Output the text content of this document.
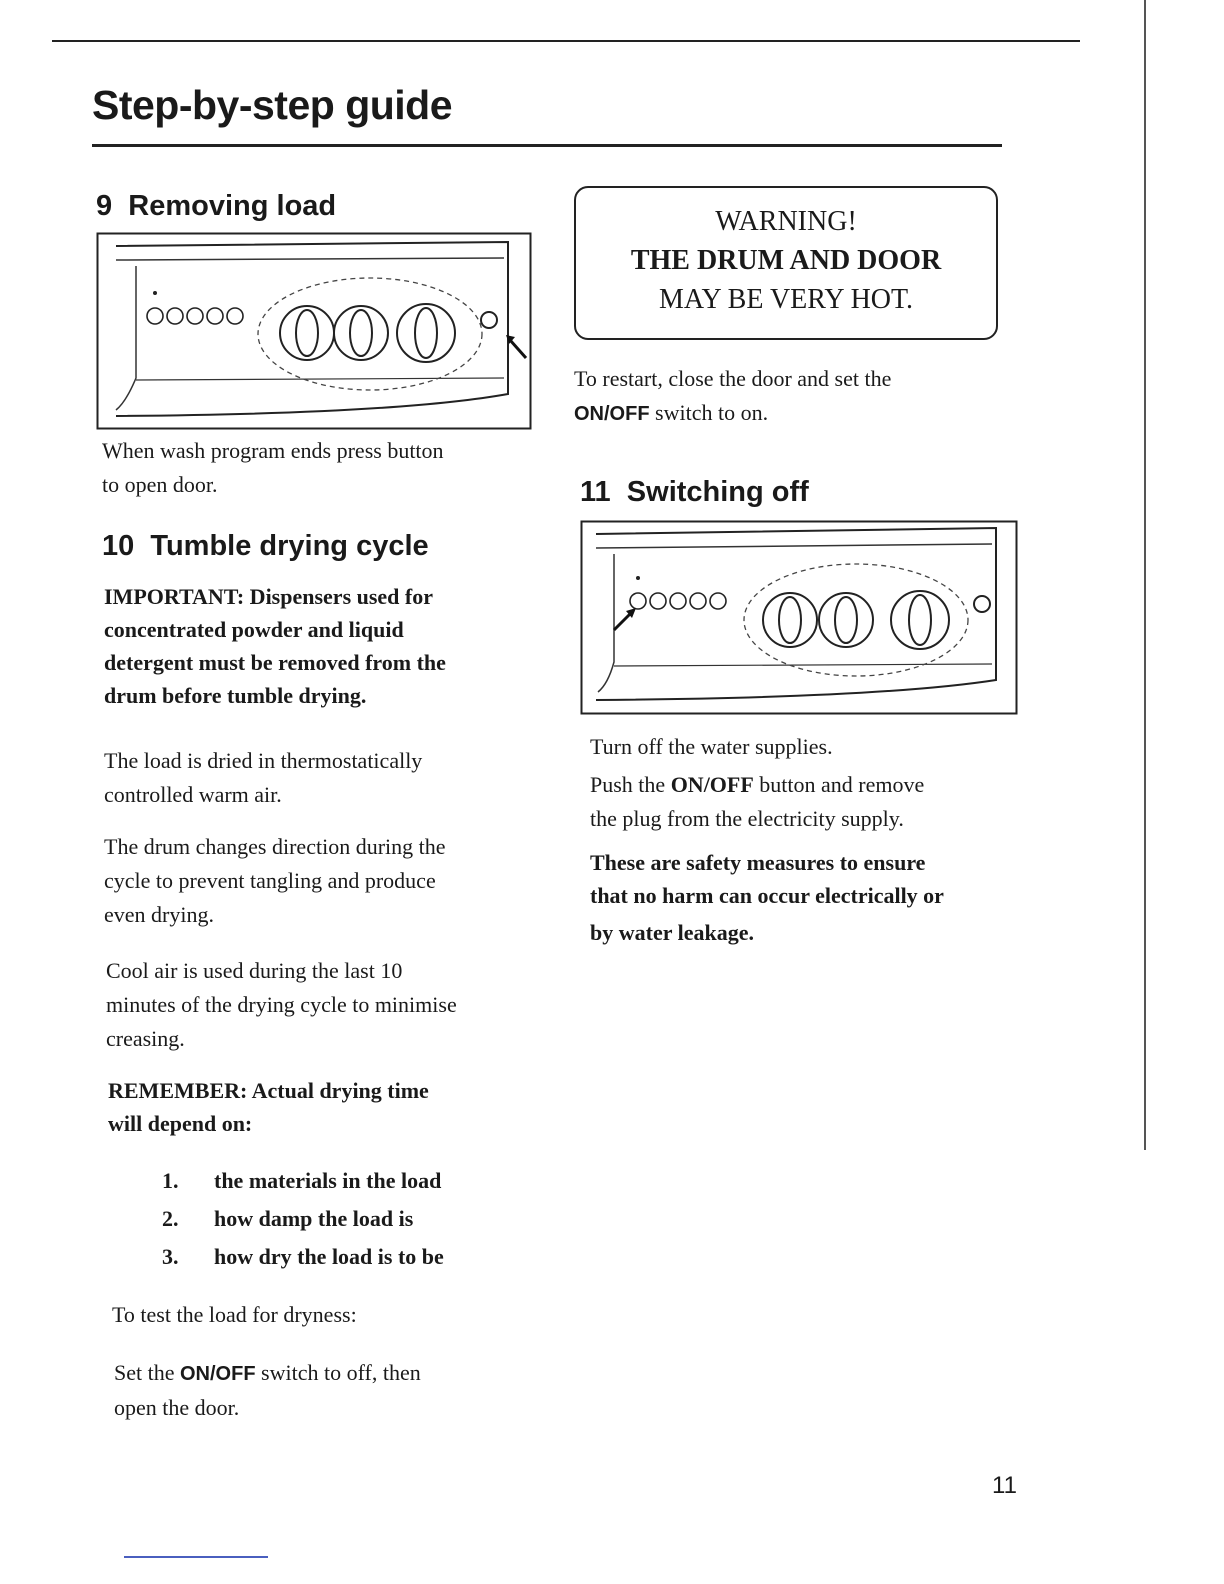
Step-by-step guide
9 Removing load
When wash program ends press button
to open door.
10 Tumble drying cycle
IMPORTANT: Dispensers used for
concentrated powder and liquid
detergent must be removed from the
drum before tumble drying.
The load is dried in thermostatically
controlled warm air.
The drum changes direction during the
cycle to prevent tangling and produce
even drying.
Cool air is used during the last 10
minutes of the drying cycle to minimise
creasing.
REMEMBER: Actual drying time
will depend on:
1. the materials in the load
2. how damp the load is
3. how dry the load is to be
To test the load for dryness:
Set the ON/OFF switch to off, then
open the door.
WARNING!
THE DRUM AND DOOR
MAY BE VERY HOT.
To restart, close the door and set the
ON/OFF switch to on.
11 Switching off
Turn off the water supplies.
Push the ON/OFF button and remove
the plug from the electricity supply.
These are safety measures to ensure
that no harm can occur electrically or
by water leakage.
11
